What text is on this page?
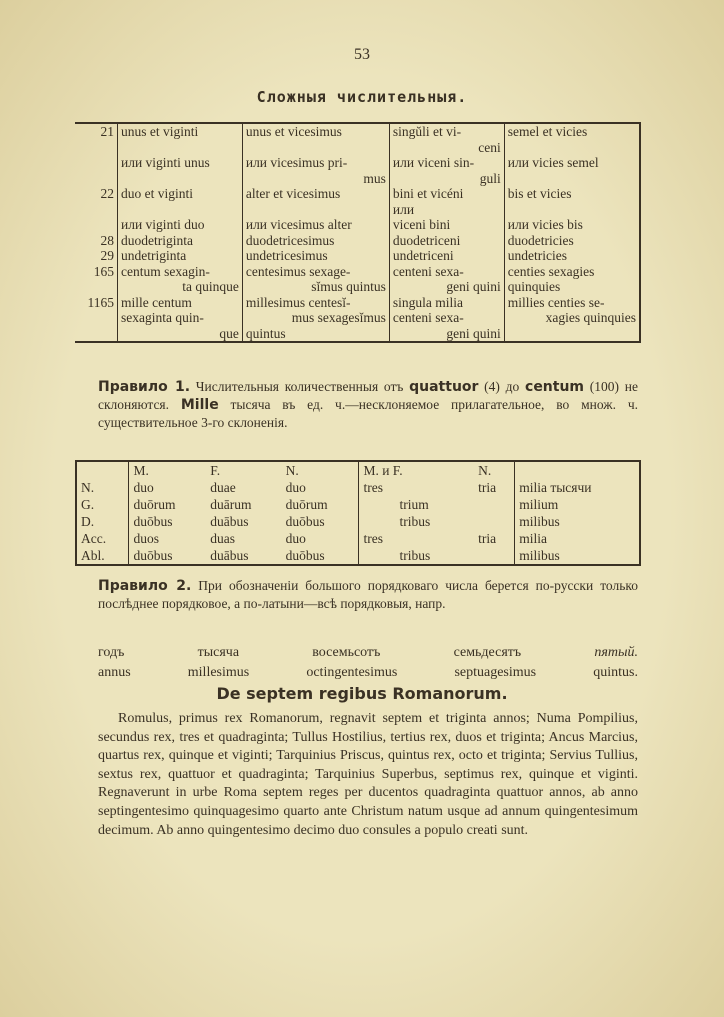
53
Сложныя числительныя.
21	unus et viginti	unus et vicesimus	singŭli et vi-	semel et vicies
			ceni	
	или viginti unus	или vicesimus pri-	или viceni sin-	или vicies semel
		mus	guli	
22	duo et viginti	alter et vicesimus	bini et vicéni	bis et vicies
			или	
	или viginti duo	или vicesimus alter	viceni bini	или vicies bis
28	duodetriginta	duodetricesimus	duodetriceni	duodetricies
29	undetriginta	undetricesimus	undetriceni	undetricies
165	centum sexagin-	centesimus sexage-	centeni sexa-	centies sexagies
	ta quinque	sĭmus quintus	geni quini	quinquies
1165	mille centum	millesimus centesĭ-	singula milia	millies centies se-
	sexaginta quin-	mus sexagesĭmus	centeni sexa-	xagies quinquies
	que	quintus	geni quini	
Правило 1. Числительныя количественныя отъ quattuor (4) до centum (100) не склоняются. Mille тысяча въ ед. ч.—несклоняемое прилагательное, во множ. ч. существительное 3-го склоненія.
	M.	F.	N.	M. и F.	N.	
N.	duo	duae	duo	tres	tria	milia тысячи
G.	duōrum	duārum	duōrum	trium		milium
D.	duōbus	duābus	duōbus	tribus		milibus
Acc.	duos	duas	duo	tres	tria	milia
Abl.	duōbus	duābus	duōbus	tribus		milibus
Правило 2. При обозначеніи большого порядковаго числа берется по-русски только послѣднее порядковое, а по-латыни—всѣ порядковыя, напр.
годъ	тысяча	восемьсотъ	семьдесятъ	пятый.
annus	millesimus	octingentesimus	septuagesimus	quintus.
De septem regibus Romanorum.
Romulus, primus rex Romanorum, regnavit septem et triginta annos; Numa Pompilius, secundus rex, tres et quadraginta; Tullus Hostilius, tertius rex, duos et triginta; Ancus Marcius, quartus rex, quinque et viginti; Tarquinius Priscus, quintus rex, octo et triginta; Servius Tullius, sextus rex, quattuor et quadraginta; Tarquinius Superbus, septimus rex, quinque et viginti. Regnaverunt in urbe Roma septem reges per ducentos quadraginta quattuor annos, ab anno septingentesimo quinquagesimo quarto ante Christum natum usque ad annum quingentesimum decimum. Ab anno quingentesimo decimo duo consules a populo creati sunt.
